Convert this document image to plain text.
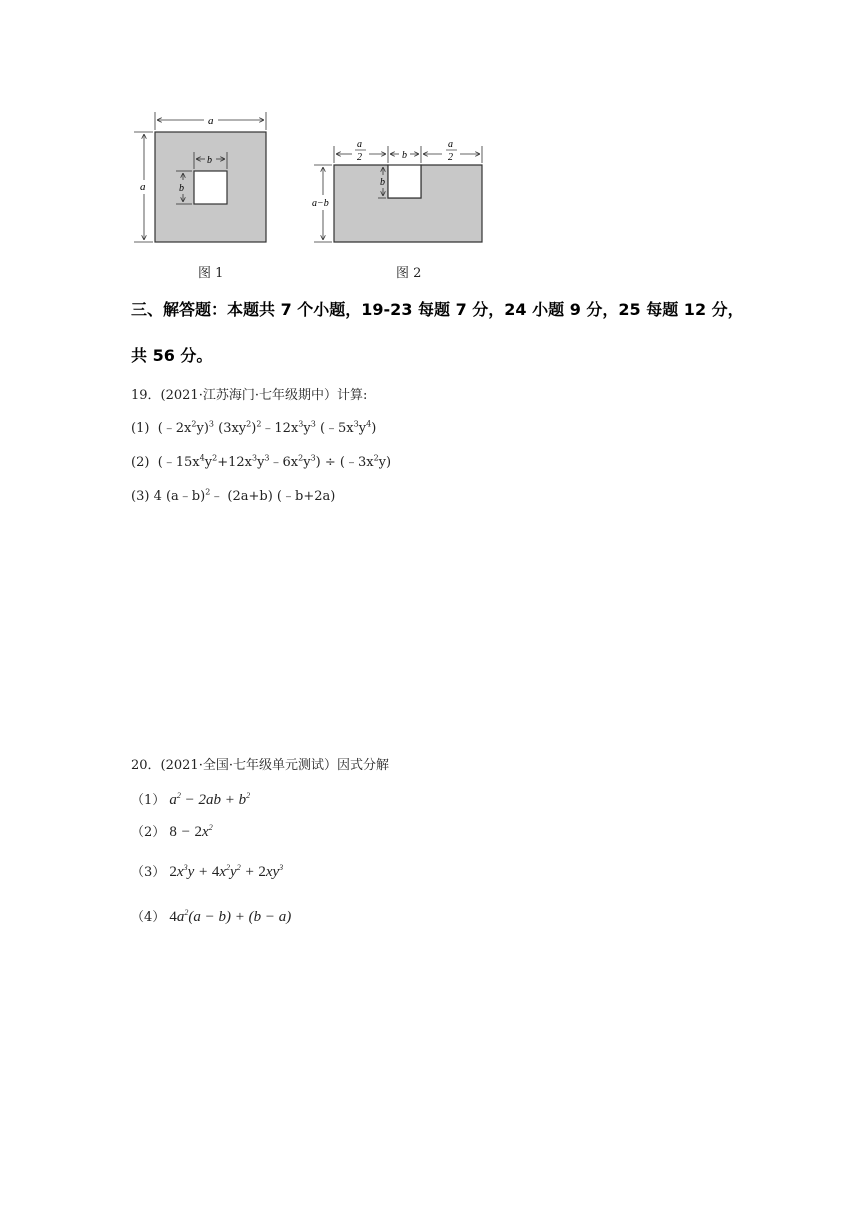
a
a
b
b
图 1
a
2	b
a
2
a−b
b
图 2
三、解答题：本题共 7 个小题，19-23 每题 7 分，24 小题 9 分，25 每题 12 分，
共 56 分。
19．(2021·江苏海门·七年级期中）计算:
(1)  $(﹣2x^2y)^3$ $(3xy^2)^2﹣12x^3y^3$ $(﹣5x^3y^4)$
(2)  $(﹣15x^4y^2+12x^3y^3﹣6x^2y^3)$ ÷ $(﹣3x^2y)$
(3) 4 (a﹣b)$^2$﹣ (2a+b) (﹣b+2a)
20．(2021·全国·七年级单元测试）因式分解
（1） $a^2 - 2ab + b^2$
（2） $8 - 2x^2$
（3） $2x^3y + 4x^2y^2 + 2xy^3$
（4） $4a^2(a - b) + (b - a)$
